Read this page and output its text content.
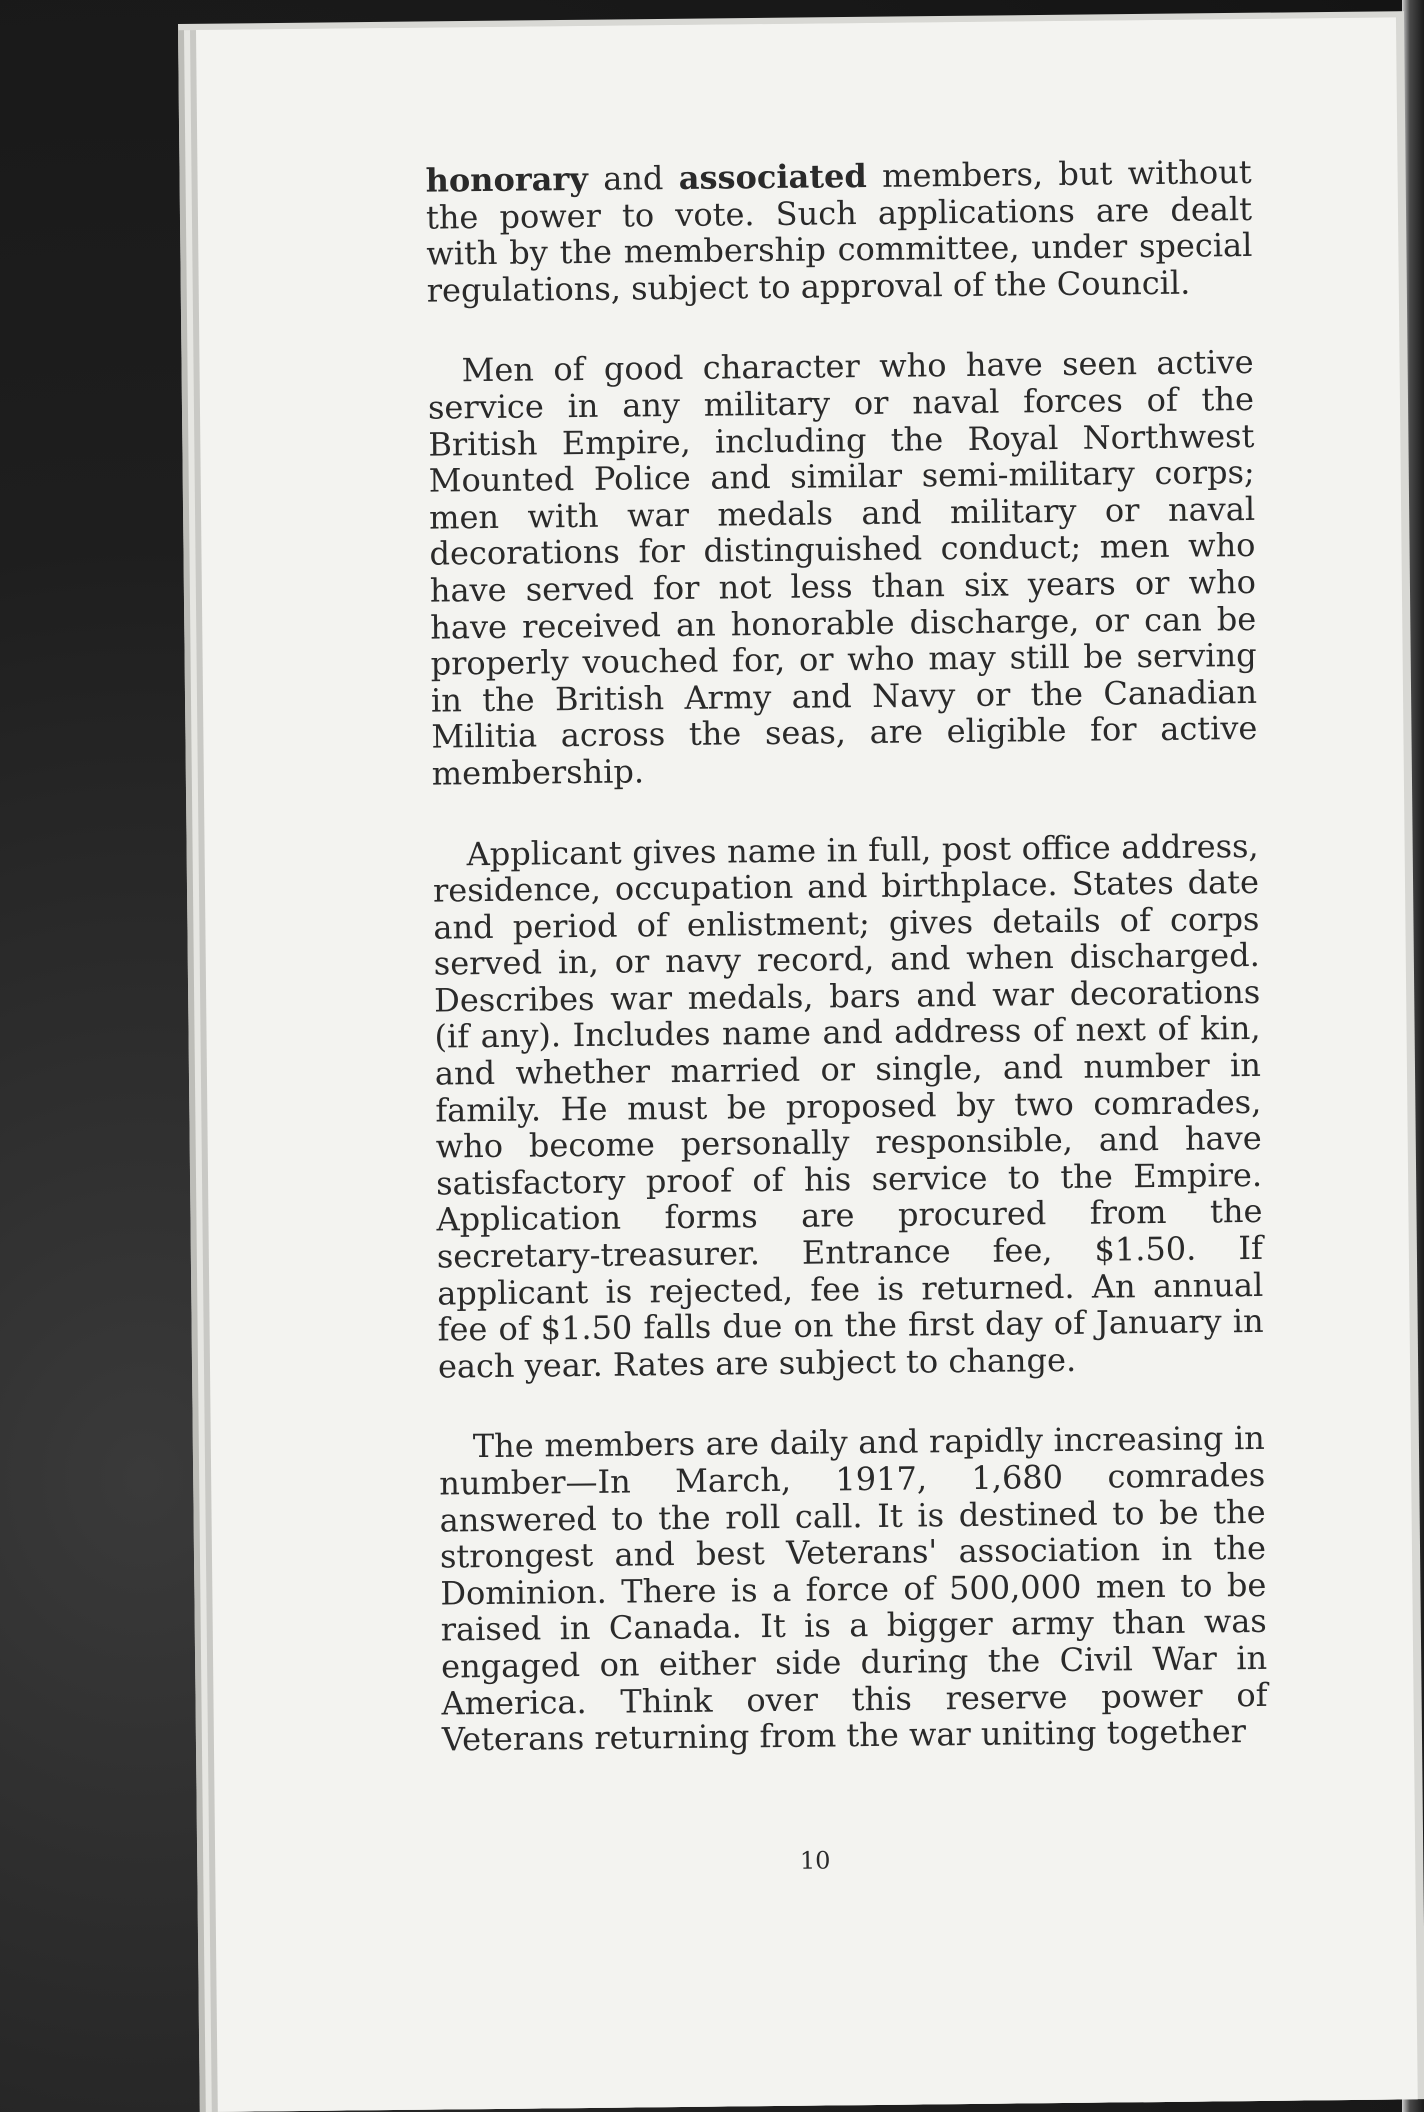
honorary and associated members, but without the power to vote. Such applications are dealt with by the membership committee, under special regulations, subject to approval of the Council.

Men of good character who have seen active service in any military or naval forces of the British Empire, including the Royal Northwest Mounted Police and similar semi-military corps; men with war medals and military or naval decorations for distinguished conduct; men who have served for not less than six years or who have received an honorable discharge, or can be properly vouched for, or who may still be serving in the British Army and Navy or the Canadian Militia across the seas, are eligible for active membership.

Applicant gives name in full, post office address, residence, occupation and birthplace. States date and period of enlistment; gives details of corps served in, or navy record, and when discharged. Describes war medals, bars and war decorations (if any). Includes name and address of next of kin, and whether married or single, and number in family. He must be proposed by two comrades, who become personally responsible, and have satisfactory proof of his service to the Empire. Application forms are procured from the secretary-treasurer. Entrance fee, $1.50. If applicant is rejected, fee is returned. An annual fee of $1.50 falls due on the first day of January in each year. Rates are subject to change.

The members are daily and rapidly increasing in number—In March, 1917, 1,680 comrades answered to the roll call. It is destined to be the strongest and best Veterans' association in the Dominion. There is a force of 500,000 men to be raised in Canada. It is a bigger army than was engaged on either side during the Civil War in America. Think over this reserve power of Veterans returning from the war uniting together

10
